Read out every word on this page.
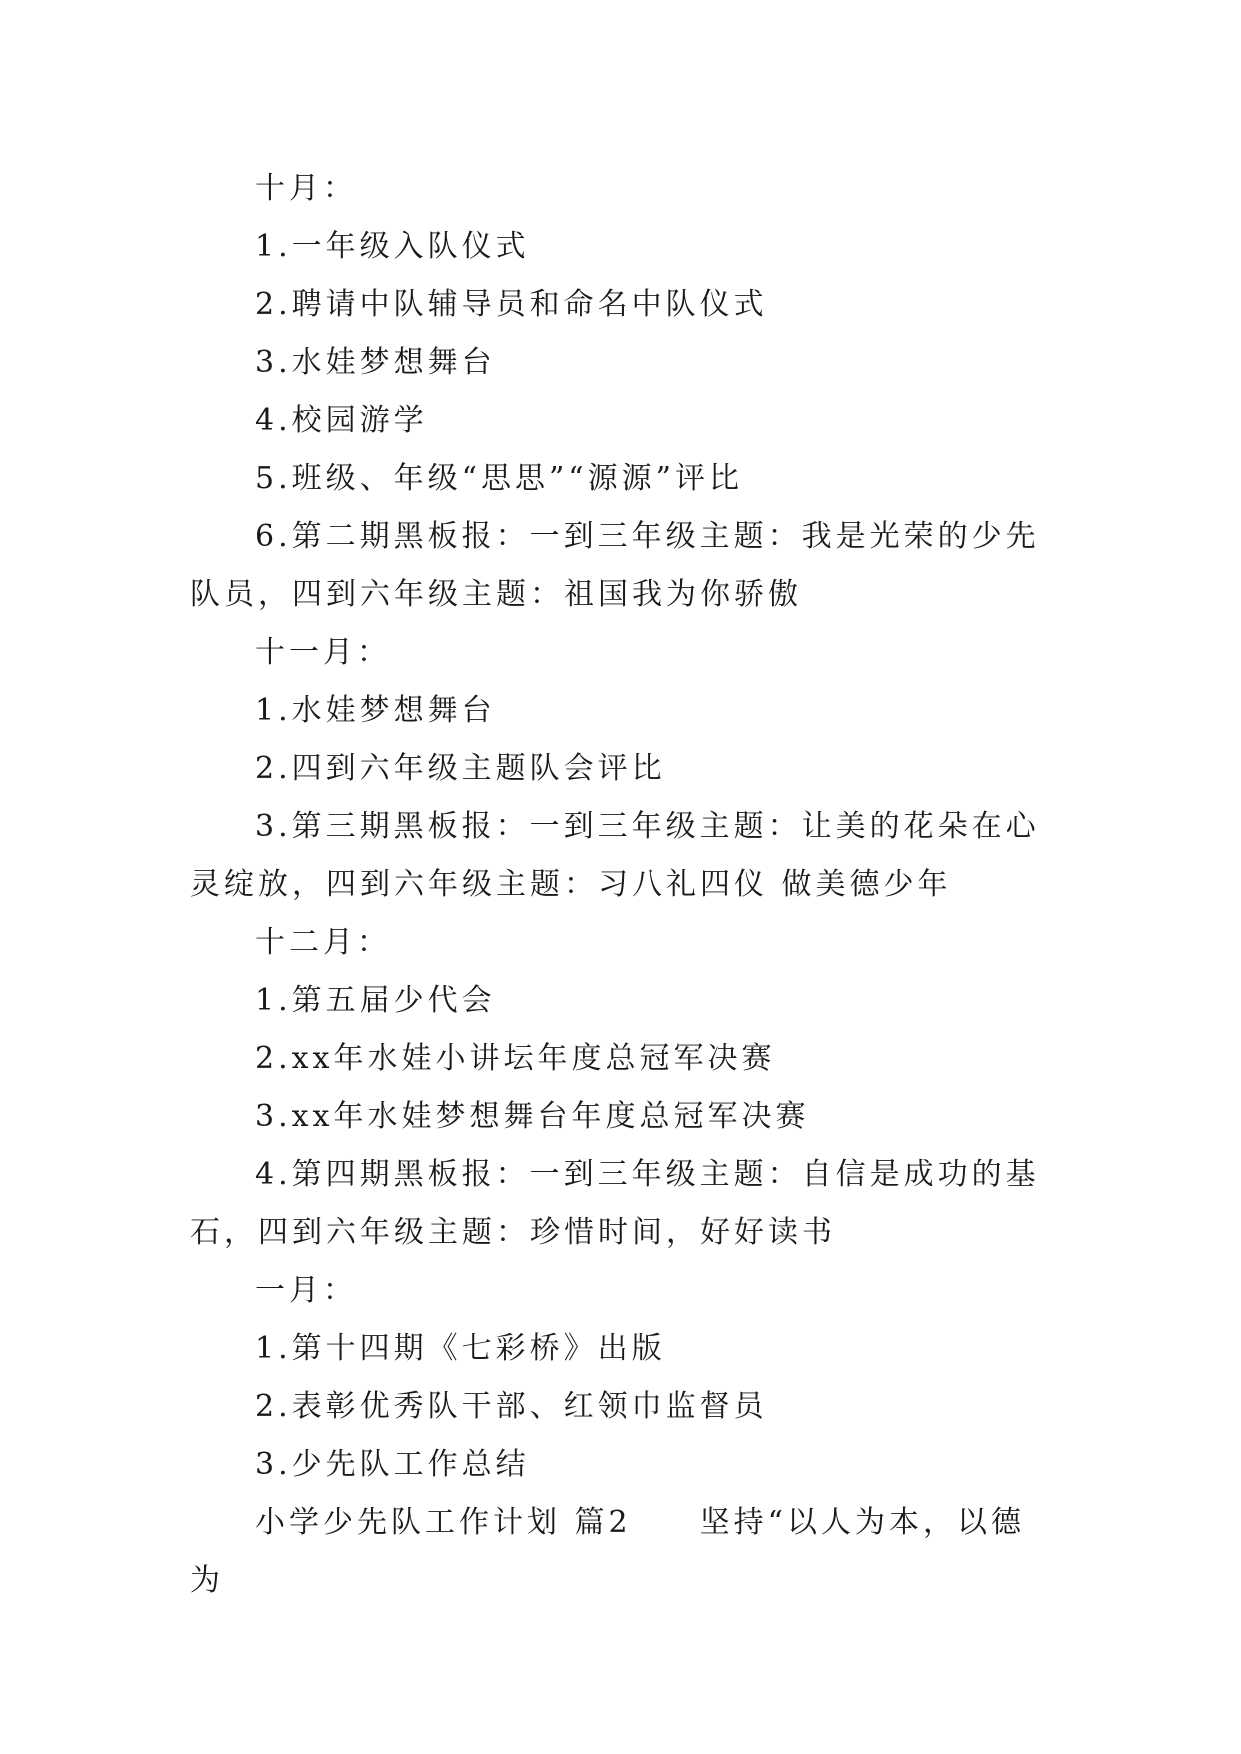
十月：

1.一年级入队仪式

2.聘请中队辅导员和命名中队仪式

3.水娃梦想舞台

4.校园游学

5.班级、年级“思思”“源源”评比

6.第二期黑板报：一到三年级主题：我是光荣的少先队员，四到六年级主题：祖国我为你骄傲

十一月：

1.水娃梦想舞台

2.四到六年级主题队会评比

3.第三期黑板报：一到三年级主题：让美的花朵在心灵绽放，四到六年级主题：习八礼四仪 做美德少年

十二月：

1.第五届少代会

2.xx年水娃小讲坛年度总冠军决赛

3.xx年水娃梦想舞台年度总冠军决赛

4.第四期黑板报：一到三年级主题：自信是成功的基石，四到六年级主题：珍惜时间，好好读书

一月：

1.第十四期《七彩桥》出版

2.表彰优秀队干部、红领巾监督员

3.少先队工作总结

小学少先队工作计划 篇2　　坚持“以人为本，以德为
